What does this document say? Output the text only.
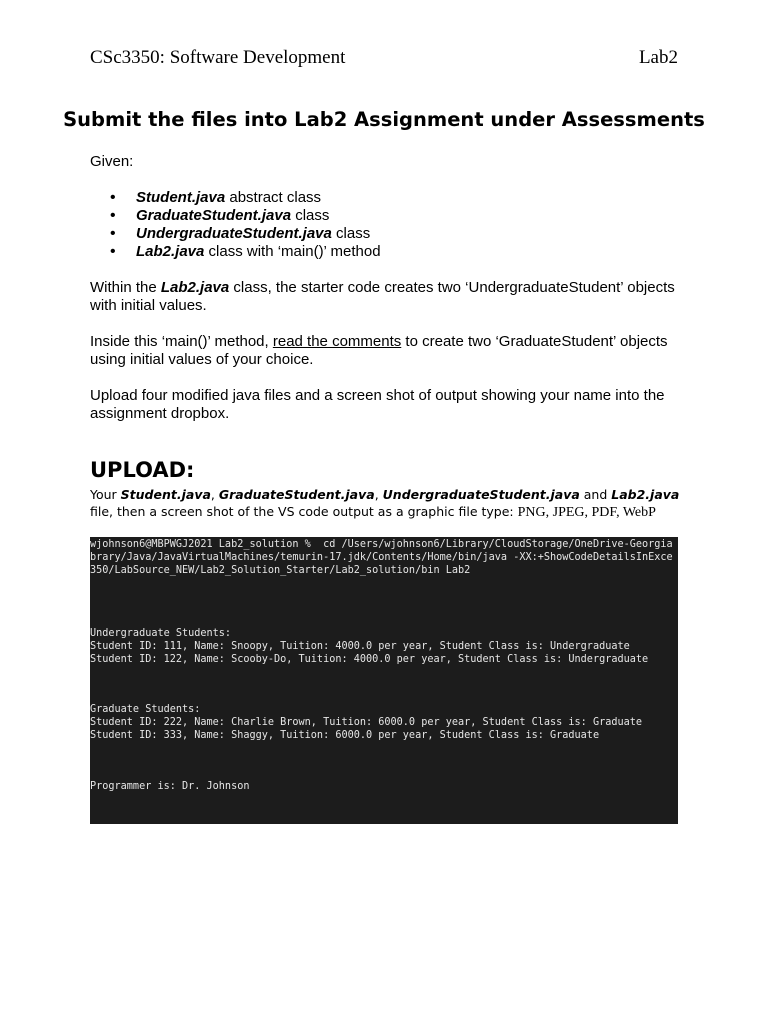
CSc3350: Software Development	Lab2
Submit the files into Lab2 Assignment under Assessments

Given:

• Student.java abstract class
• GraduateStudent.java class
• UndergraduateStudent.java class
• Lab2.java class with ‘main()’ method

Within the Lab2.java class, the starter code creates two ‘UndergraduateStudent’ objects with initial values.

Inside this ‘main()’ method, read the comments to create two ‘GraduateStudent’ objects using initial values of your choice.

Upload four modified java files and a screen shot of output showing your name into the assignment dropbox.

UPLOAD:

Your Student.java, GraduateStudent.java, UndergraduateStudent.java and Lab2.java file, then a screen shot of the VS code output as a graphic file type: PNG, JPEG, PDF, WebP

wjohnson6@MBPWGJ2021 Lab2_solution %  cd /Users/wjohnson6/Library/CloudStorage/OneDrive-Georgia
brary/Java/JavaVirtualMachines/temurin-17.jdk/Contents/Home/bin/java -XX:+ShowCodeDetailsInExce
350/LabSource_NEW/Lab2_Solution_Starter/Lab2_solution/bin Lab2
Undergraduate Students:
Student ID: 111, Name: Snoopy, Tuition: 4000.0 per year, Student Class is: Undergraduate
Student ID: 122, Name: Scooby-Do, Tuition: 4000.0 per year, Student Class is: Undergraduate
Graduate Students:
Student ID: 222, Name: Charlie Brown, Tuition: 6000.0 per year, Student Class is: Graduate
Student ID: 333, Name: Shaggy, Tuition: 6000.0 per year, Student Class is: Graduate
Programmer is: Dr. Johnson
